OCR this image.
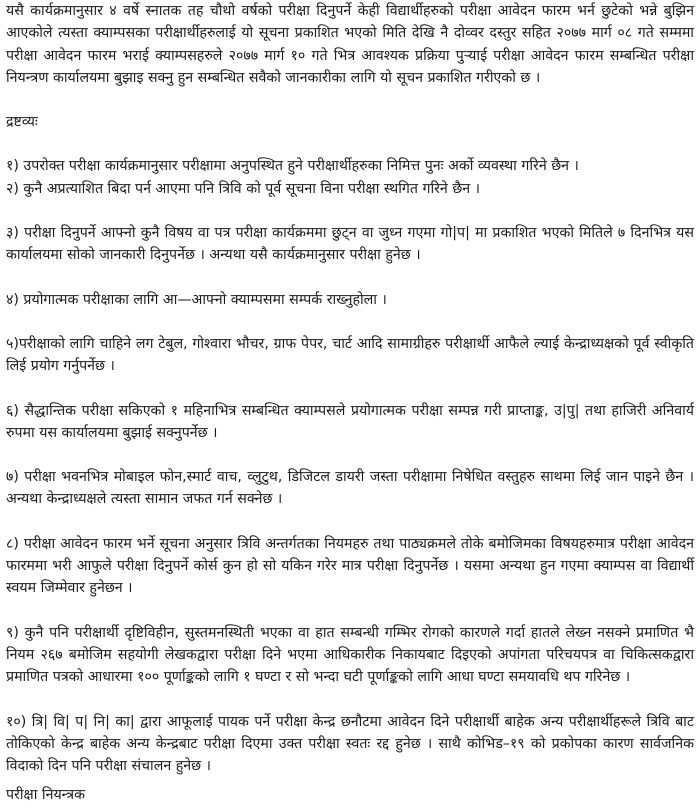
यसै कार्यक्रमानुसार ४ वर्षे स्नातक तह चौथो वर्षको परीक्षा दिनुपर्ने केही विद्यार्थीहरुको परीक्षा आवेदन फारम भर्न छुटेको भन्ने बुझिन आएकोले त्यस्ता क्याम्पसका परीक्षार्थीहरुलाई यो सूचना प्रकाशित भएको मिति देखि नै दोव्वर दस्तुर सहित २०७७ मार्ग ०८ गते सम्ममा परीक्षा आवेदन फारम भराई क्याम्पसहरुले २०७७ मार्ग १० गते भित्र आवश्यक प्रक्रिया पुऱ्याई परीक्षा आवेदन फारम सम्बन्धित परीक्षा नियन्त्रण कार्यालयमा बुझाइ सक्नु हुन सम्बन्धित सवैको जानकारीका लागि यो सूचन प्रकाशित गरीएको छ ।

द्रष्टव्यः

१) उपरोक्त परीक्षा कार्यक्रमानुसार परीक्षामा अनुपस्थित हुने परीक्षार्थीहरुका निमित्त पुनः अर्को व्यवस्था गरिने छैन ।

२) कुनै अप्रत्याशित बिदा पर्न आएमा पनि त्रिवि को पूर्व सूचना विना परीक्षा स्थगित गरिने छैन ।

३) परीक्षा दिनुपर्ने आफ्नो कुनै विषय वा पत्र परीक्षा कार्यक्रममा छुट्न वा जुध्न गएमा गो|प| मा प्रकाशित भएको मितिले ७ दिनभित्र यस कार्यालयमा सोको जानकारी दिनुपर्नेछ । अन्यथा यसै कार्यक्रमानुसार परीक्षा हुनेछ ।

४) प्रयोगात्मक परीक्षाका लागि आ—आफ्नो क्याम्पसमा सम्पर्क राख्नुहोला ।

५)परीक्षाको लागि चाहिने लग टेबुल, गोश्वारा भौचर, ग्राफ पेपर, चार्ट आदि सामाग्रीहरु परीक्षार्थी आफैले ल्याई केन्द्राध्यक्षको पूर्व स्वीकृति लिई प्रयोग गर्नुपर्नेछ ।

६) सैद्धान्तिक परीक्षा सकिएको १ महिनाभित्र सम्बन्धित क्याम्पसले प्रयोगात्मक परीक्षा सम्पन्न गरी प्राप्ताङ्क, उ|पु| तथा हाजिरी अनिवार्य रुपमा यस कार्यालयमा बुझाई सक्नुपर्नेछ ।

७) परीक्षा भवनभित्र मोबाइल फोन,स्मार्ट वाच, व्लुटुथ, डिजिटल डायरी जस्ता परीक्षामा निषेधित वस्तुहरु साथमा लिई जान पाइने छैन । अन्यथा केन्द्राध्यक्षले त्यस्ता सामान जफत गर्न सक्नेछ ।

८) परीक्षा आवेदन फारम भर्ने सूचना अनुसार त्रिवि अन्तर्गतका नियमहरु तथा पाठ्यक्रमले तोके बमोजिमका विषयहरुमात्र परीक्षा आवेदन फारममा भरी आफुले परीक्षा दिनुपर्ने कोर्स कुन हो सो यकिन गरेर मात्र परीक्षा दिनुपर्नेछ । यसमा अन्यथा हुन गएमा क्याम्पस वा विद्यार्थी स्वयम जिम्मेवार हुनेछन ।

९) कुनै पनि परीक्षार्थी दृष्टिविहीन, सुस्तमनस्थिती भएका वा हात सम्बन्धी गम्भिर रोगको कारणले गर्दा हातले लेख्न नसक्ने प्रमाणित भै नियम २६७ बमोजिम सहयोगी लेखकद्वारा परीक्षा दिने भएमा आधिकारीक निकायबाट दिइएको अपांगता परिचयपत्र वा चिकित्सकद्वारा प्रमाणित पत्रको आधारमा १०० पूर्णाङ्कको लागि १ घण्टा र सो भन्दा घटी पूर्णाङ्कको लागि आधा घण्टा समयावधि थप गरिनेछ ।

१०) त्रि| वि| प| नि| का| द्वारा आफूलाई पायक पर्ने परीक्षा केन्द्र छनौटमा आवेदन दिने परीक्षार्थी बाहेक अन्य परीक्षार्थीहरूले त्रिवि बाट तोकिएको केन्द्र बाहेक अन्य केन्द्रबाट परीक्षा दिएमा उक्त परीक्षा स्वतः रद्द हुनेछ । साथै कोभिड–१९ को प्रकोपका कारण सार्वजनिक विदाको दिन पनि परीक्षा संचालन हुनेछ ।

परीक्षा नियन्त्रक
